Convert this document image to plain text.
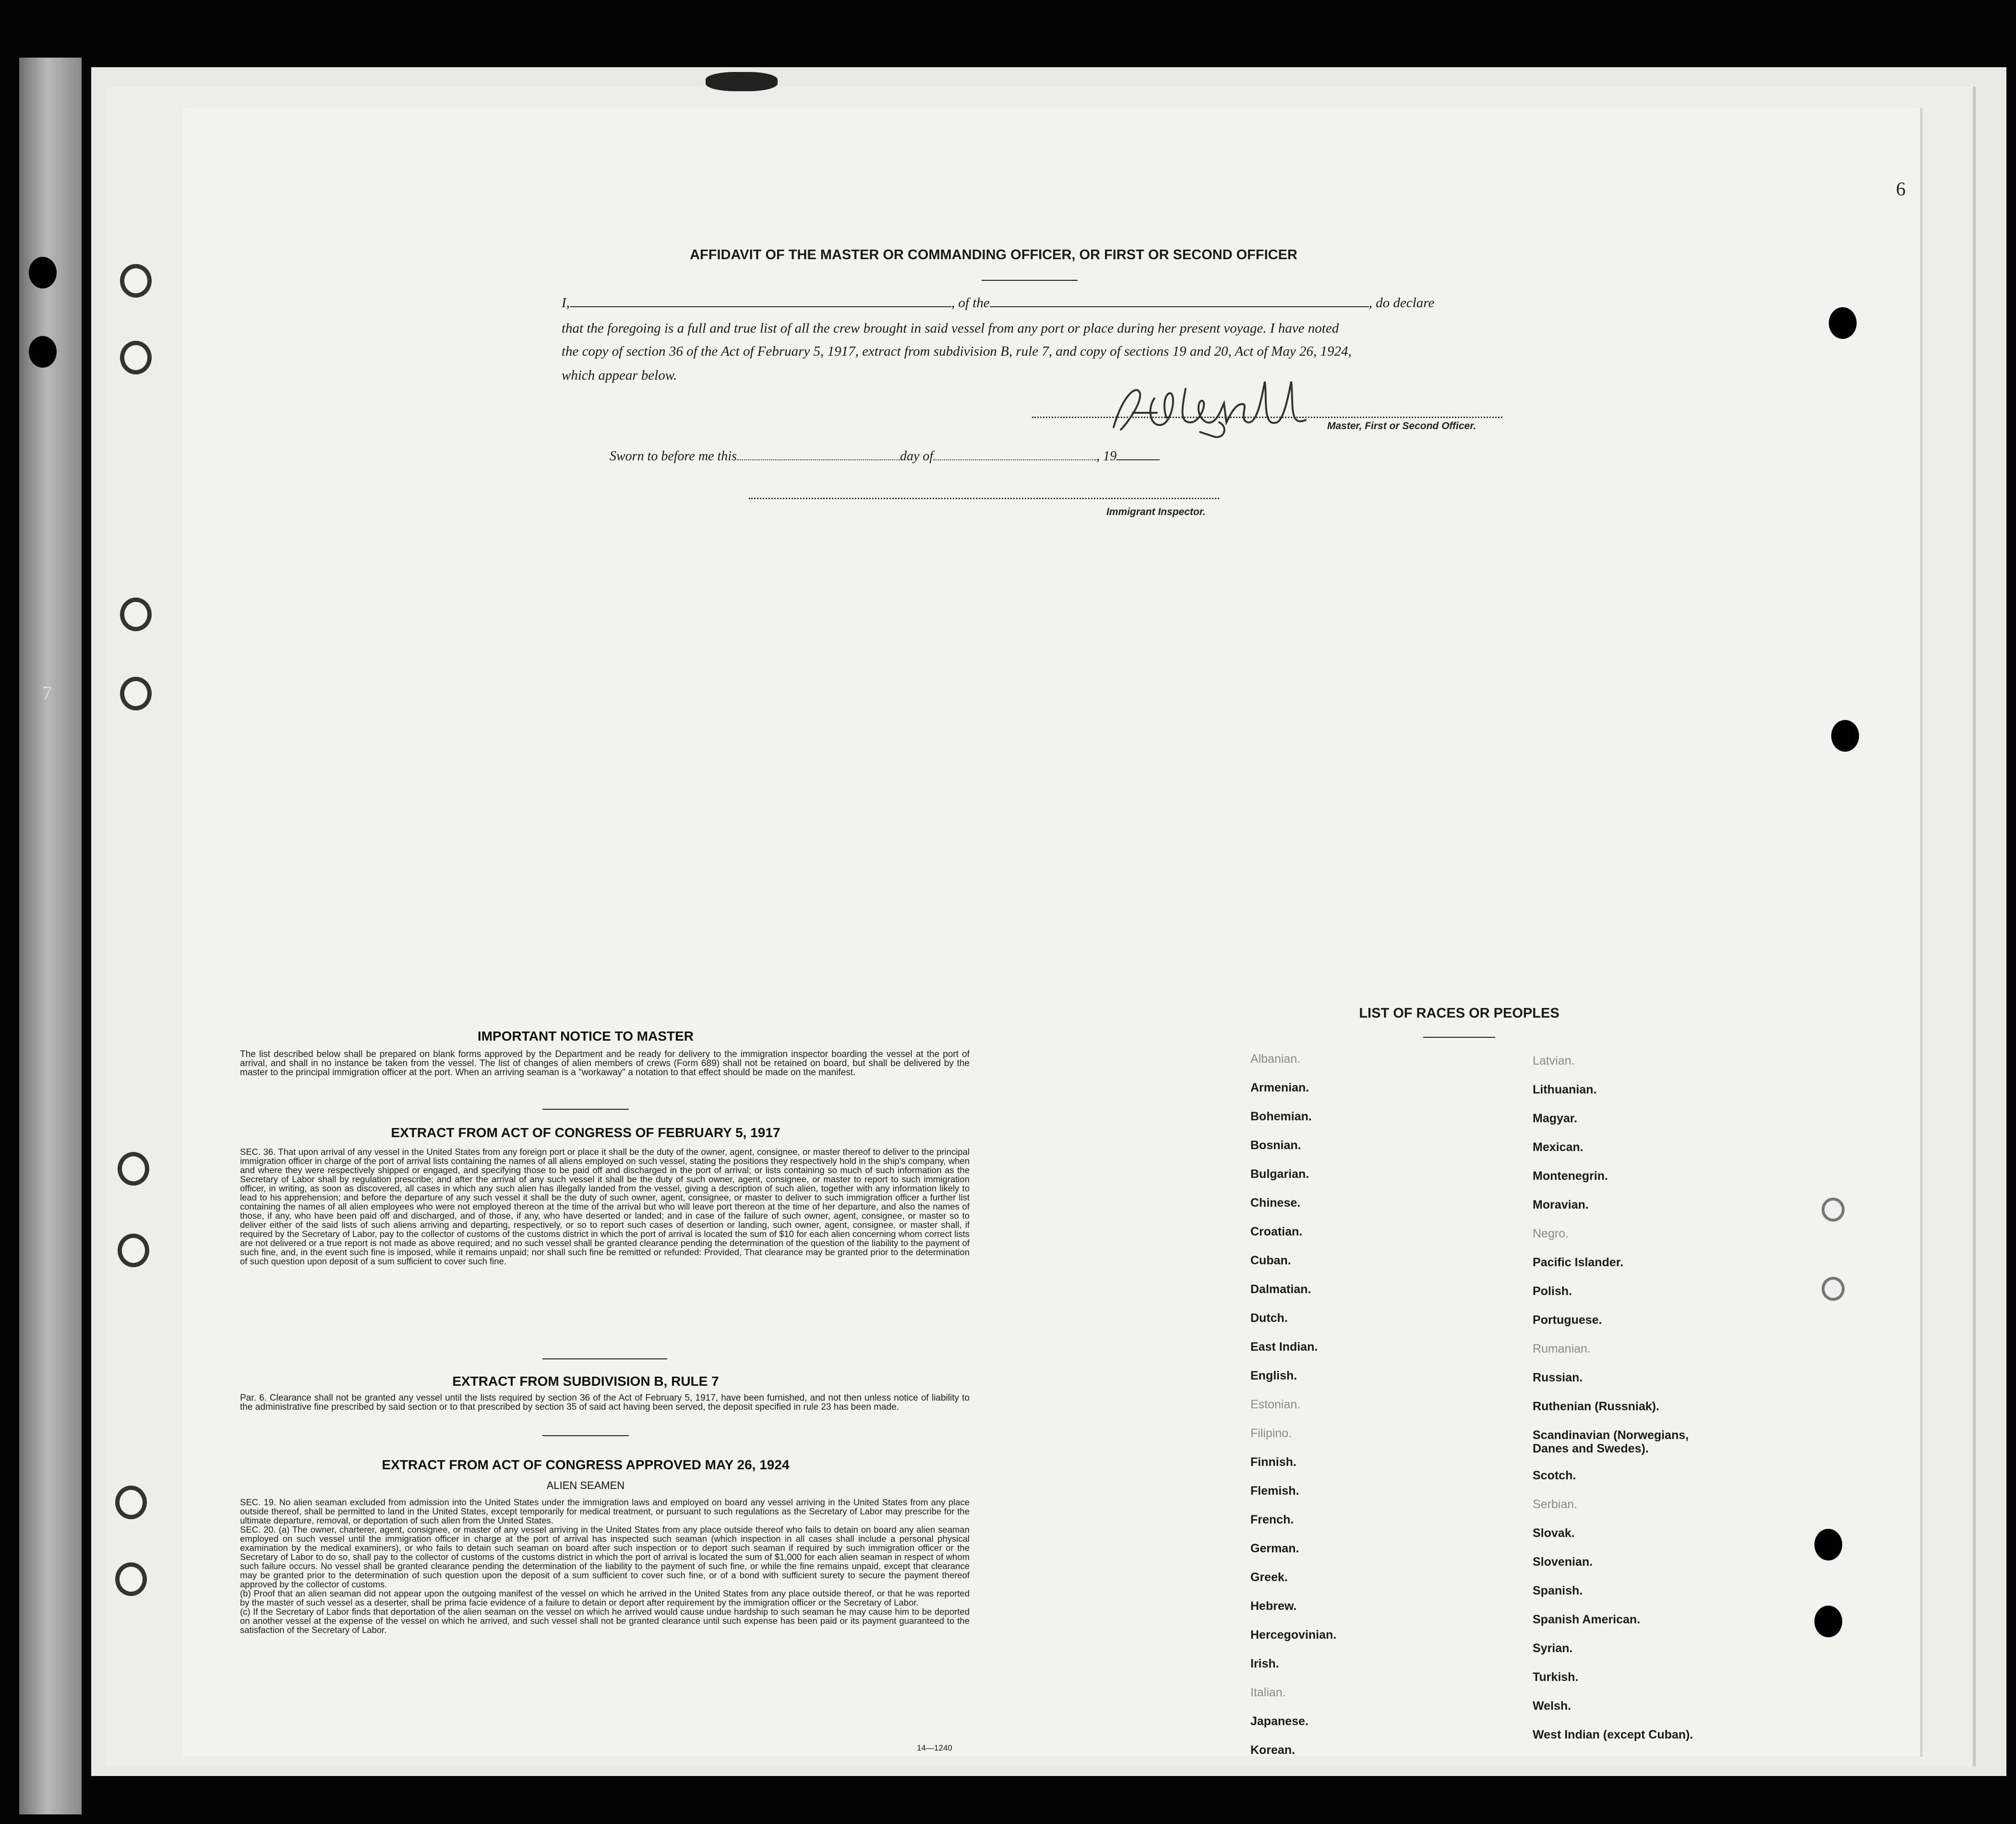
6
7
AFFIDAVIT OF THE MASTER OR COMMANDING OFFICER, OR FIRST OR SECOND OFFICER
I,	, of the	, do declare
that the foregoing is a full and true list of all the crew brought in said vessel from any port or place during her present voyage. I have noted
the copy of section 36 of the Act of February 5, 1917, extract from subdivision B, rule 7, and copy of sections 19 and 20, Act of May 26, 1924,
which appear below.
Master, First or Second Officer.
Sworn to before me this	day of	, 19
Immigrant Inspector.
IMPORTANT NOTICE TO MASTER
The list described below shall be prepared on blank forms approved by the Department and be ready for delivery to the immigration inspector boarding the vessel at the port of arrival, and shall in no instance be taken from the vessel. The list of changes of alien members of crews (Form 689) shall not be retained on board, but shall be delivered by the master to the principal immigration officer at the port. When an arriving seaman is a "workaway" a notation to that effect should be made on the manifest.
EXTRACT FROM ACT OF CONGRESS OF FEBRUARY 5, 1917
SEC. 36. That upon arrival of any vessel in the United States from any foreign port or place it shall be the duty of the owner, agent, consignee, or master thereof to deliver to the principal immigration officer in charge of the port of arrival lists containing the names of all aliens employed on such vessel, stating the positions they respectively hold in the ship's company, when and where they were respectively shipped or engaged, and specifying those to be paid off and discharged in the port of arrival; or lists containing so much of such information as the Secretary of Labor shall by regulation prescribe; and after the arrival of any such vessel it shall be the duty of such owner, agent, consignee, or master to report to such immigration officer, in writing, as soon as discovered, all cases in which any such alien has illegally landed from the vessel, giving a description of such alien, together with any information likely to lead to his apprehension; and before the departure of any such vessel it shall be the duty of such owner, agent, consignee, or master to deliver to such immigration officer a further list containing the names of all alien employees who were not employed thereon at the time of the arrival but who will leave port thereon at the time of her departure, and also the names of those, if any, who have been paid off and discharged, and of those, if any, who have deserted or landed; and in case of the failure of such owner, agent, consignee, or master so to deliver either of the said lists of such aliens arriving and departing, respectively, or so to report such cases of desertion or landing, such owner, agent, consignee, or master shall, if required by the Secretary of Labor, pay to the collector of customs of the customs district in which the port of arrival is located the sum of $10 for each alien concerning whom correct lists are not delivered or a true report is not made as above required; and no such vessel shall be granted clearance pending the determination of the question of the liability to the payment of such fine, and, in the event such fine is imposed, while it remains unpaid; nor shall such fine be remitted or refunded: Provided, That clearance may be granted prior to the determination of such question upon deposit of a sum sufficient to cover such fine.
EXTRACT FROM SUBDIVISION B, RULE 7
Par. 6. Clearance shall not be granted any vessel until the lists required by section 36 of the Act of February 5, 1917, have been furnished, and not then unless notice of liability to the administrative fine prescribed by said section or to that prescribed by section 35 of said act having been served, the deposit specified in rule 23 has been made.
EXTRACT FROM ACT OF CONGRESS APPROVED MAY 26, 1924
ALIEN SEAMEN
SEC. 19. No alien seaman excluded from admission into the United States under the immigration laws and employed on board any vessel arriving in the United States from any place outside thereof, shall be permitted to land in the United States, except temporarily for medical treatment, or pursuant to such regulations as the Secretary of Labor may prescribe for the ultimate departure, removal, or deportation of such alien from the United States.
SEC. 20. (a) The owner, charterer, agent, consignee, or master of any vessel arriving in the United States from any place outside thereof who fails to detain on board any alien seaman employed on such vessel until the immigration officer in charge at the port of arrival has inspected such seaman (which inspection in all cases shall include a personal physical examination by the medical examiners), or who fails to detain such seaman on board after such inspection or to deport such seaman if required by such immigration officer or the Secretary of Labor to do so, shall pay to the collector of customs of the customs district in which the port of arrival is located the sum of $1,000 for each alien seaman in respect of whom such failure occurs. No vessel shall be granted clearance pending the determination of the liability to the payment of such fine, or while the fine remains unpaid, except that clearance may be granted prior to the determination of such question upon the deposit of a sum sufficient to cover such fine, or of a bond with sufficient surety to secure the payment thereof approved by the collector of customs.
(b) Proof that an alien seaman did not appear upon the outgoing manifest of the vessel on which he arrived in the United States from any place outside thereof, or that he was reported by the master of such vessel as a deserter, shall be prima facie evidence of a failure to detain or deport after requirement by the immigration officer or the Secretary of Labor.
(c) If the Secretary of Labor finds that deportation of the alien seaman on the vessel on which he arrived would cause undue hardship to such seaman he may cause him to be deported on another vessel at the expense of the vessel on which he arrived, and such vessel shall not be granted clearance until such expense has been paid or its payment guaranteed to the satisfaction of the Secretary of Labor.
14—1240
LIST OF RACES OR PEOPLES
Albanian.
Armenian.
Bohemian.
Bosnian.
Bulgarian.
Chinese.
Croatian.
Cuban.
Dalmatian.
Dutch.
East Indian.
English.
Estonian.
Filipino.
Finnish.
Flemish.
French.
German.
Greek.
Hebrew.
Hercegovinian.
Irish.
Italian.
Japanese.
Korean.
Latvian.
Lithuanian.
Magyar.
Mexican.
Montenegrin.
Moravian.
Negro.
Pacific Islander.
Polish.
Portuguese.
Rumanian.
Russian.
Ruthenian (Russniak).
Scandinavian (Norwegians,
Danes and Swedes).
Scotch.
Serbian.
Slovak.
Slovenian.
Spanish.
Spanish American.
Syrian.
Turkish.
Welsh.
West Indian (except Cuban).
